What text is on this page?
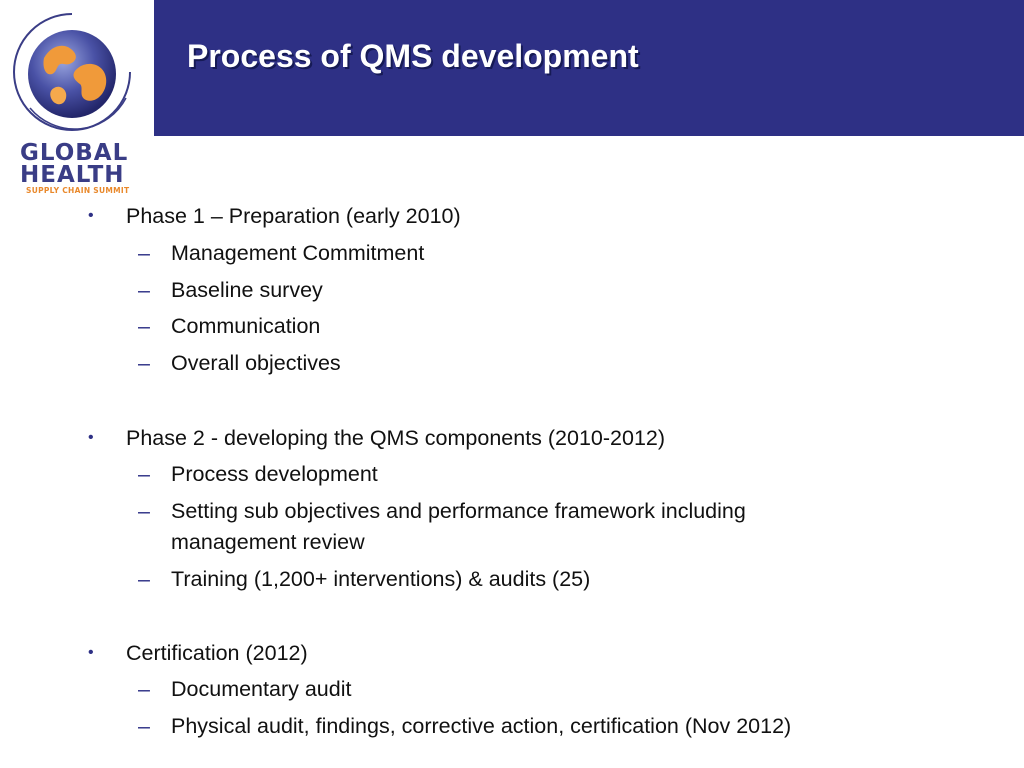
Process of QMS development
GLOBAL
HEALTH
SUPPLY CHAIN SUMMIT
•	Phase 1 – Preparation (early 2010)
– Management Commitment
– Baseline survey
– Communication
– Overall objectives
•	Phase 2 - developing the QMS components (2010-2012)
– Process development
– Setting sub objectives and performance framework including
management review
– Training (1,200+ interventions) & audits (25)
•	Certification (2012)
– Documentary audit
– Physical audit, findings, corrective action, certification (Nov 2012)
